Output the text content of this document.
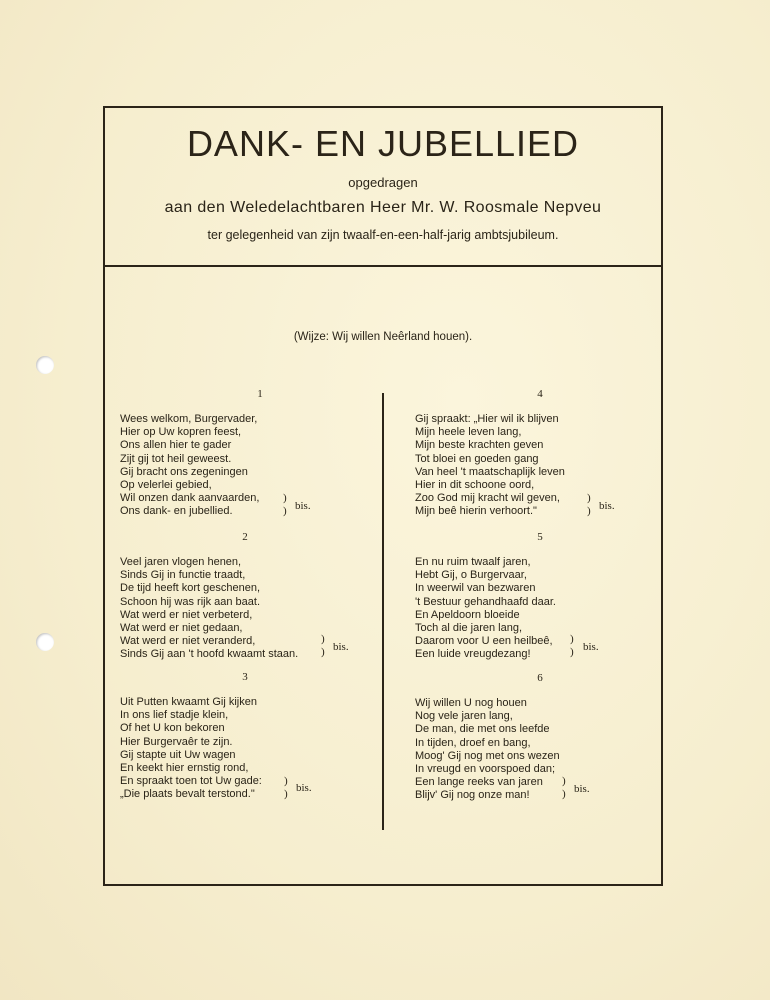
DANK- EN JUBELLIED
opgedragen
aan den Weledelachtbaren Heer Mr. W. Roosmale Nepveu
ter gelegenheid van zijn twaalf-en-een-half-jarig ambtsjubileum.
(Wijze: Wij willen Neêrland houen).
1
Wees welkom, Burgervader,
Hier op Uw kopren feest,
Ons allen hier te gader
Zijt gij tot heil geweest.
Gij bracht ons zegeningen
Op velerlei gebied,
Wil onzen dank aanvaarden,
Ons dank- en jubellied.
)
) bis.
2
Veel jaren vlogen henen,
Sinds Gij in functie traadt,
De tijd heeft kort geschenen,
Schoon hij was rijk aan baat.
Wat werd er niet verbeterd,
Wat werd er niet gedaan,
Wat werd er niet veranderd,
Sinds Gij aan 't hoofd kwaamt staan.
)
) bis.
3
Uit Putten kwaamt Gij kijken
In ons lief stadje klein,
Of het U kon bekoren
Hier Burgervaêr te zijn.
Gij stapte uit Uw wagen
En keekt hier ernstig rond,
En spraakt toen tot Uw gade:
„Die plaats bevalt terstond."
)
)
bis.
4
Gij spraakt: „Hier wil ik blijven
Mijn heele leven lang,
Mijn beste krachten geven
Tot bloei en goeden gang
Van heel 't maatschaplijk leven
Hier in dit schoone oord,
Zoo God mij kracht wil geven,
Mijn beê hierin verhoort."
)
) bis.
5
En nu ruim twaalf jaren,
Hebt Gij, o Burgervaar,
In weerwil van bezwaren
't Bestuur gehandhaafd daar.
En Apeldoorn bloeide
Toch al die jaren lang,
Daarom voor U een heilbeê,
Een luide vreugdezang!
)
) bis.
6
Wij willen U nog houen
Nog vele jaren lang,
De man, die met ons leefde
In tijden, droef en bang,
Moog' Gij nog met ons wezen
In vreugd en voorspoed dan;
Een lange reeks van jaren
Blijv' Gij nog onze man!
)
) bis.
